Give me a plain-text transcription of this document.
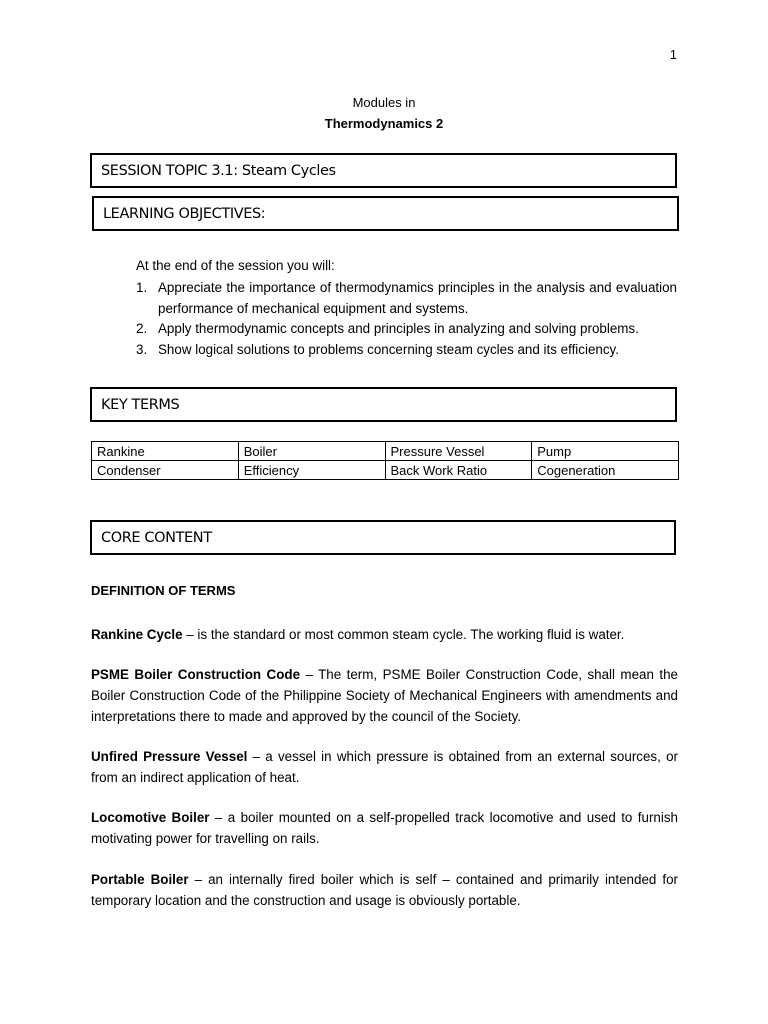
1
Modules in
Thermodynamics 2
SESSION TOPIC 3.1: Steam Cycles
LEARNING OBJECTIVES:
At the end of the session you will:
1. Appreciate the importance of thermodynamics principles in the analysis and evaluation performance of mechanical equipment and systems.
2. Apply thermodynamic concepts and principles in analyzing and solving problems.
3. Show logical solutions to problems concerning steam cycles and its efficiency.
KEY TERMS
Rankine	Boiler	Pressure Vessel	Pump
Condenser	Efficiency	Back Work Ratio	Cogeneration
CORE CONTENT
DEFINITION OF TERMS
Rankine Cycle – is the standard or most common steam cycle. The working fluid is water.
PSME Boiler Construction Code – The term, PSME Boiler Construction Code, shall mean the Boiler Construction Code of the Philippine Society of Mechanical Engineers with amendments and interpretations there to made and approved by the council of the Society.
Unfired Pressure Vessel – a vessel in which pressure is obtained from an external sources, or from an indirect application of heat.
Locomotive Boiler – a boiler mounted on a self-propelled track locomotive and used to furnish motivating power for travelling on rails.
Portable Boiler – an internally fired boiler which is self – contained and primarily intended for temporary location and the construction and usage is obviously portable.
